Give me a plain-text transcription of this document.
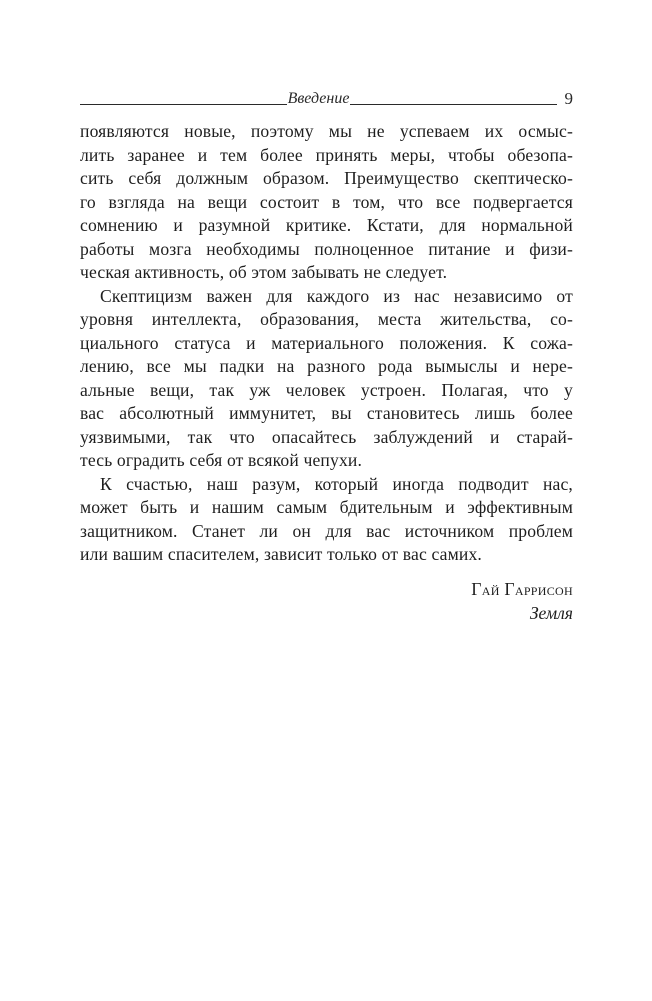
Введение	9

появляются новые, поэтому мы не успеваем их осмыс-
лить заранее и тем более принять меры, чтобы обезопа-
сить себя должным образом. Преимущество скептическо-
го взгляда на вещи состоит в том, что все подвергается
сомнению и разумной критике. Кстати, для нормальной
работы мозга необходимы полноценное питание и физи-
ческая активность, об этом забывать не следует.

Скептицизм важен для каждого из нас независимо от
уровня интеллекта, образования, места жительства, со-
циального статуса и материального положения. К сожа-
лению, все мы падки на разного рода вымыслы и нере-
альные вещи, так уж человек устроен. Полагая, что у
вас абсолютный иммунитет, вы становитесь лишь более
уязвимыми, так что опасайтесь заблуждений и старай-
тесь оградить себя от всякой чепухи.

К счастью, наш разум, который иногда подводит нас,
может быть и нашим самым бдительным и эффективным
защитником. Станет ли он для вас источником проблем
или вашим спасителем, зависит только от вас самих.

Гай Гаррисон
Земля
